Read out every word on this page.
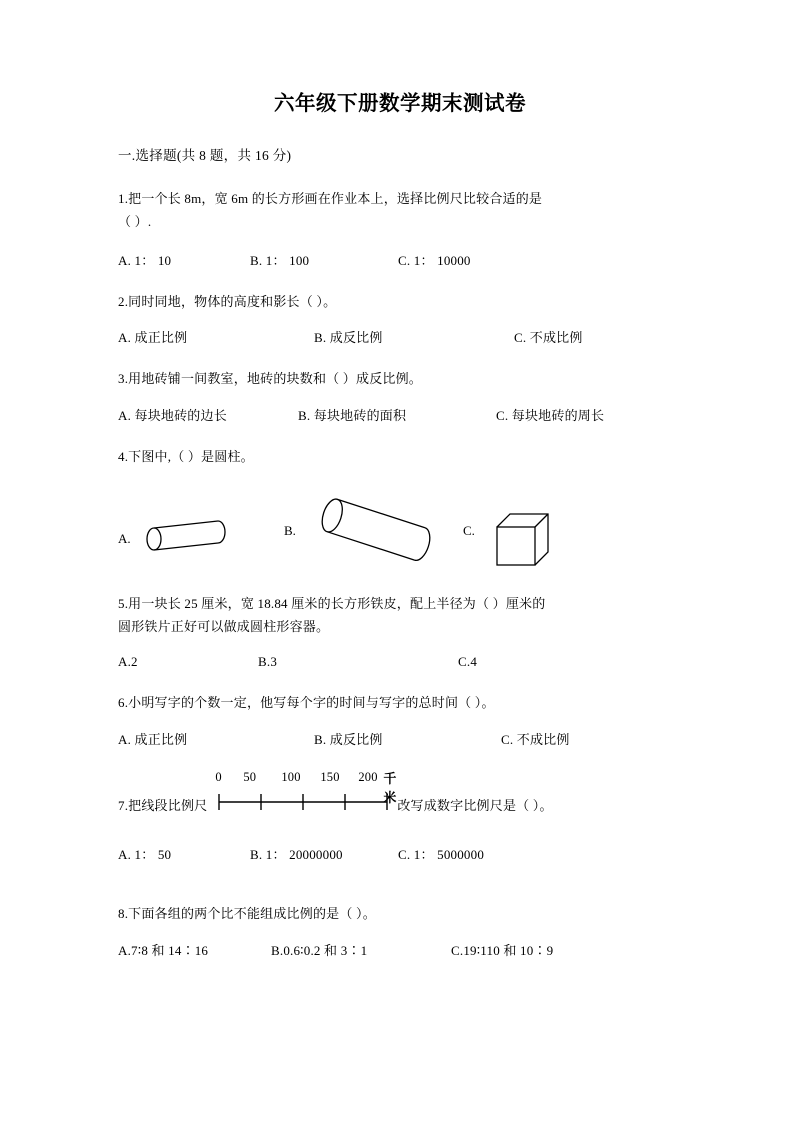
六年级下册数学期末测试卷
一.选择题(共 8 题，共 16 分)
1.把一个长 8m，宽 6m 的长方形画在作业本上，选择比例尺比较合适的是
（ ）.
A. 1： 10	B. 1： 100	C. 1： 10000
2.同时同地，物体的高度和影长（ ）。
A. 成正比例	B. 成反比例	C. 不成比例
3.用地砖铺一间教室，地砖的块数和（ ）成反比例。
A. 每块地砖的边长	B. 每块地砖的面积	C. 每块地砖的周长
4.下图中,（ ）是圆柱。
A.
B.	C.
5.用一块长 25 厘米，宽 18.84 厘米的长方形铁皮，配上半径为（ ）厘米的
圆形铁片正好可以做成圆柱形容器。
A.2	B.3	C.4
6.小明写字的个数一定，他写每个字的时间与写字的总时间（ ）。
A. 成正比例	B. 成反比例	C. 不成比例
7.把线段比例尺
0 50 100 150 200 千米 改写成数字比例尺是（ ）。
A. 1： 50	B. 1： 20000000	C. 1： 5000000
8.下面各组的两个比不能组成比例的是（ ）。
A.7∶8 和 14∶16	B.0.6∶0.2 和 3∶1	C.19∶110 和 10∶9
